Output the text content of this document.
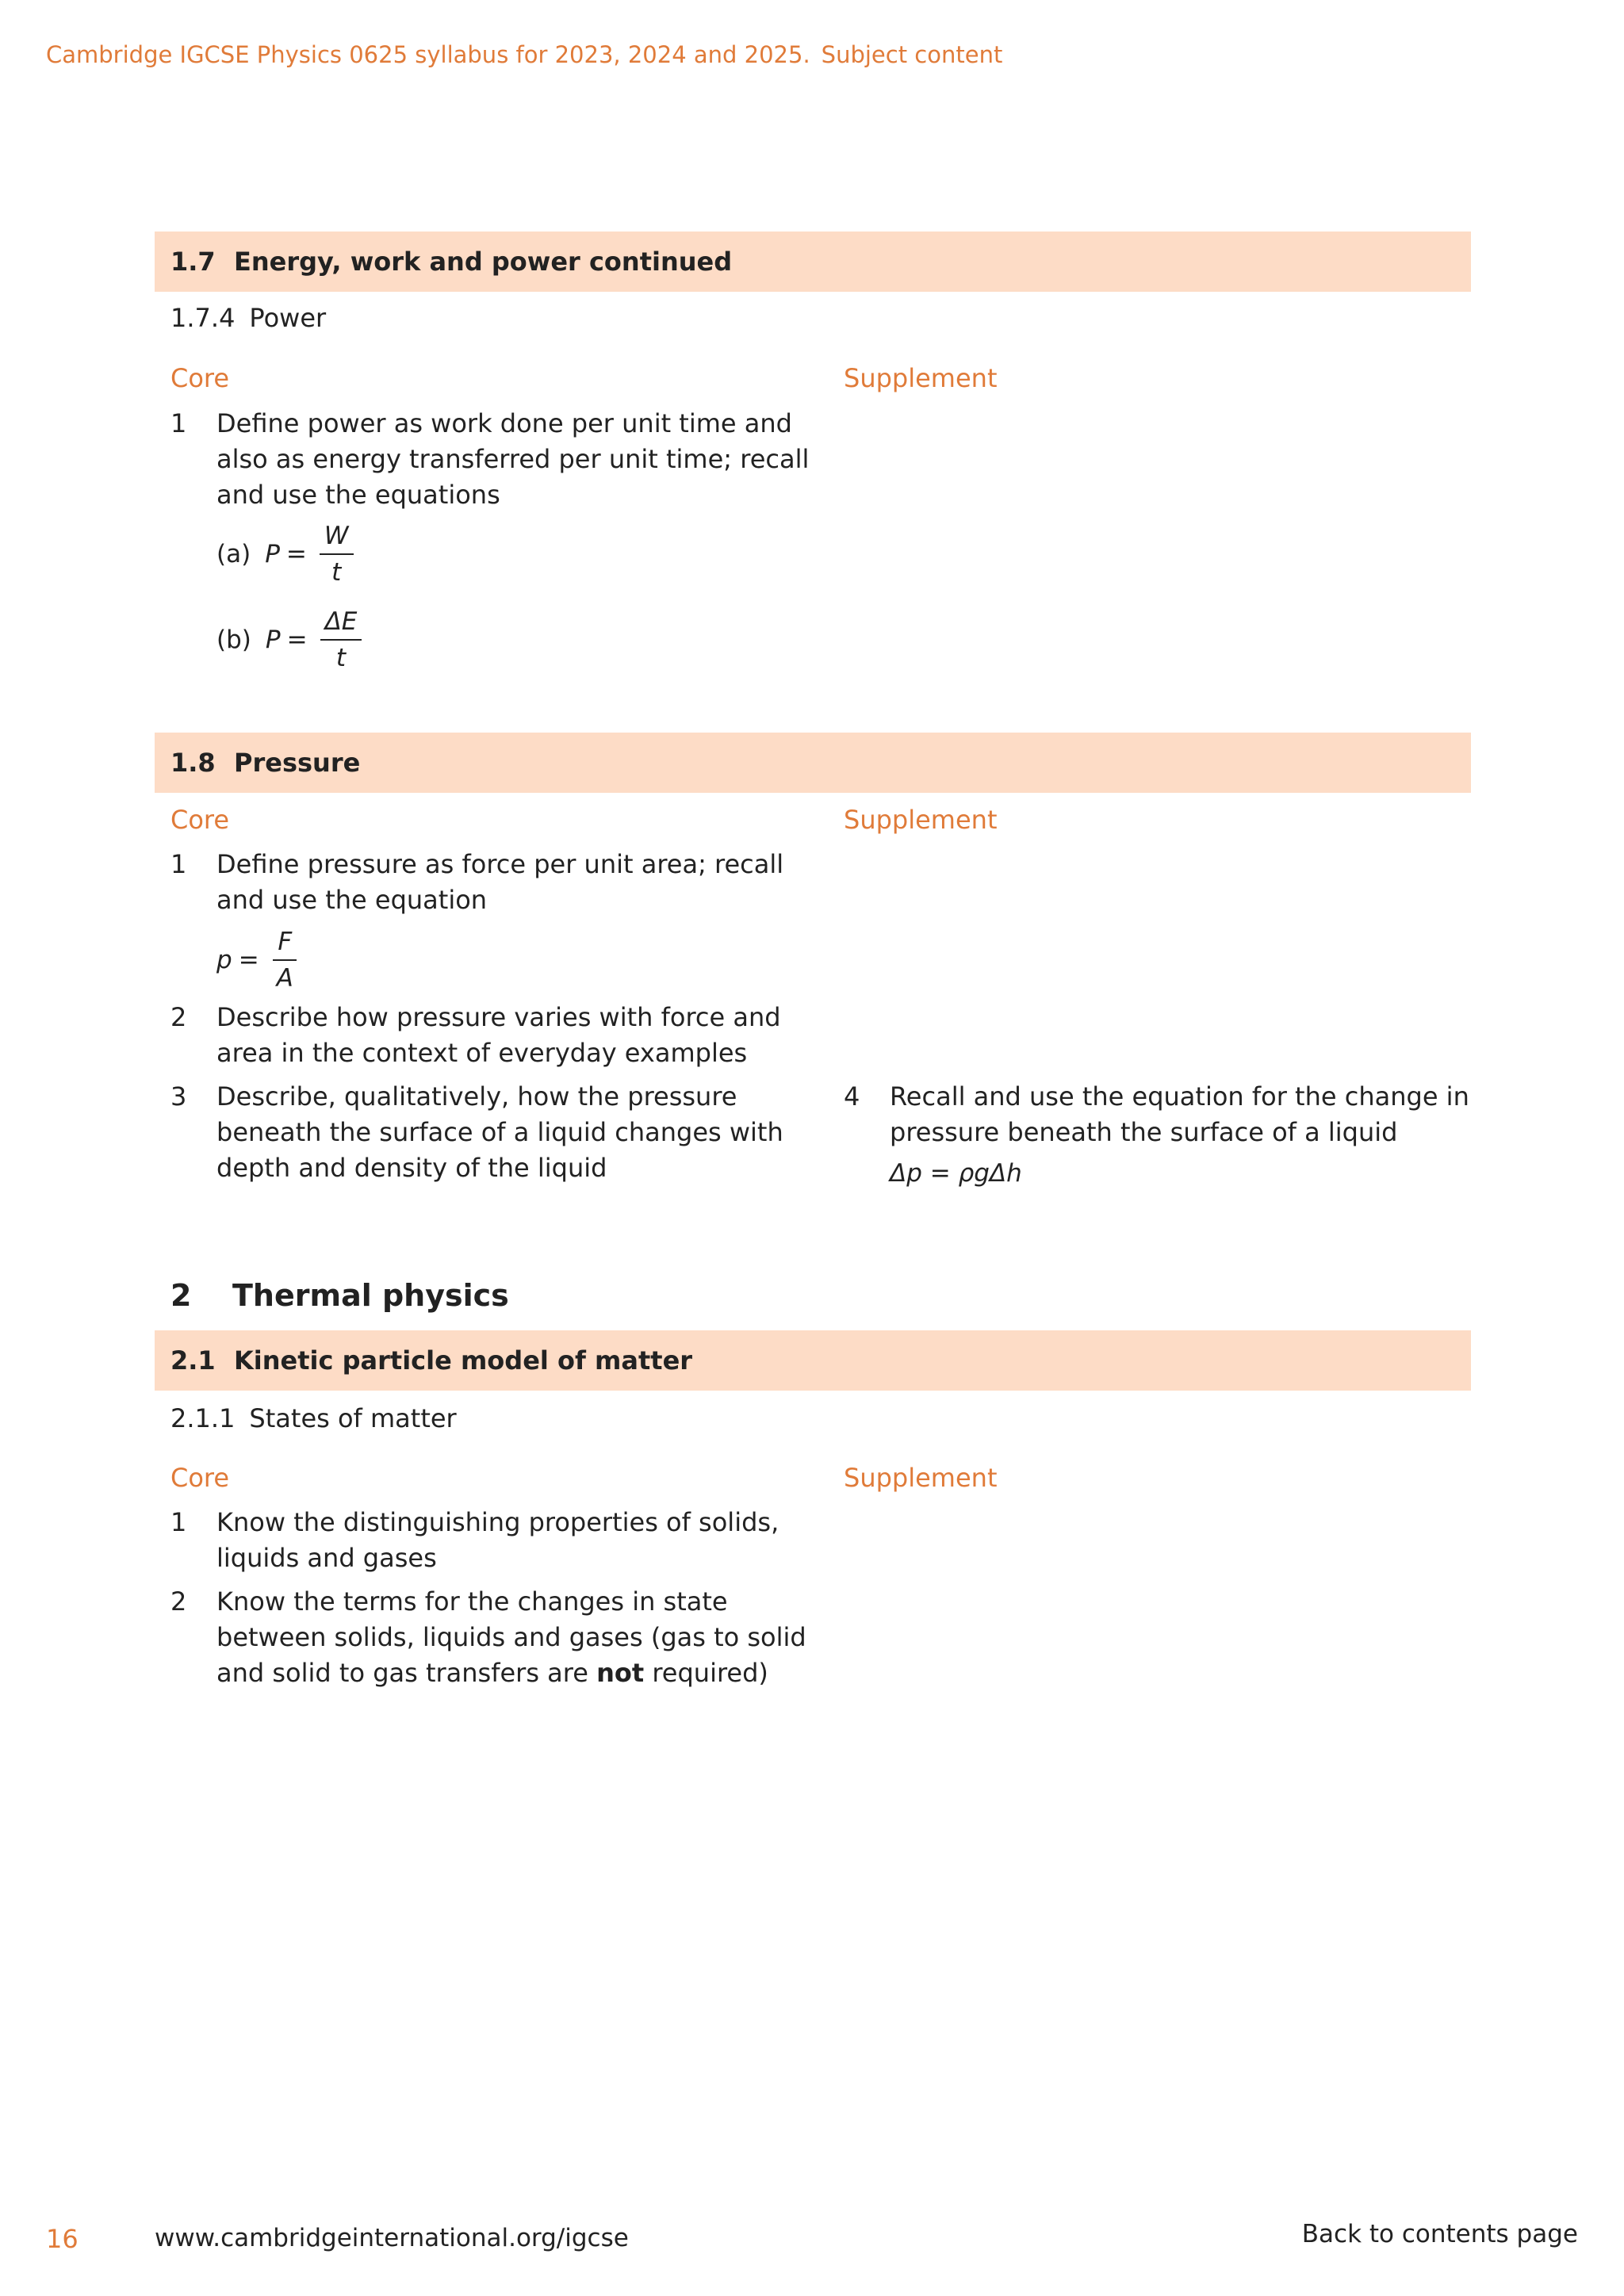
Cambridge IGCSE Physics 0625 syllabus for 2023, 2024 and 2025. Subject content
1.7 Energy, work and power continued
1.7.4 Power
Core	Supplement
1 Define power as work done per unit time and also as energy transferred per unit time; recall and use the equations
(a) $P = \frac{W}{t}$
(b) $P = \frac{\Delta E}{t}$
1.8 Pressure
Core	Supplement
1 Define pressure as force per unit area; recall and use the equation
$p = \frac{F}{A}$
2 Describe how pressure varies with force and area in the context of everyday examples
3 Describe, qualitatively, how the pressure beneath the surface of a liquid changes with depth and density of the liquid
4 Recall and use the equation for the change in pressure beneath the surface of a liquid
Δp = ρgΔh
2 Thermal physics
2.1 Kinetic particle model of matter
2.1.1 States of matter
Core	Supplement
1 Know the distinguishing properties of solids, liquids and gases
2 Know the terms for the changes in state between solids, liquids and gases (gas to solid and solid to gas transfers are not required)
16	www.cambridgeinternational.org/igcse	Back to contents page
